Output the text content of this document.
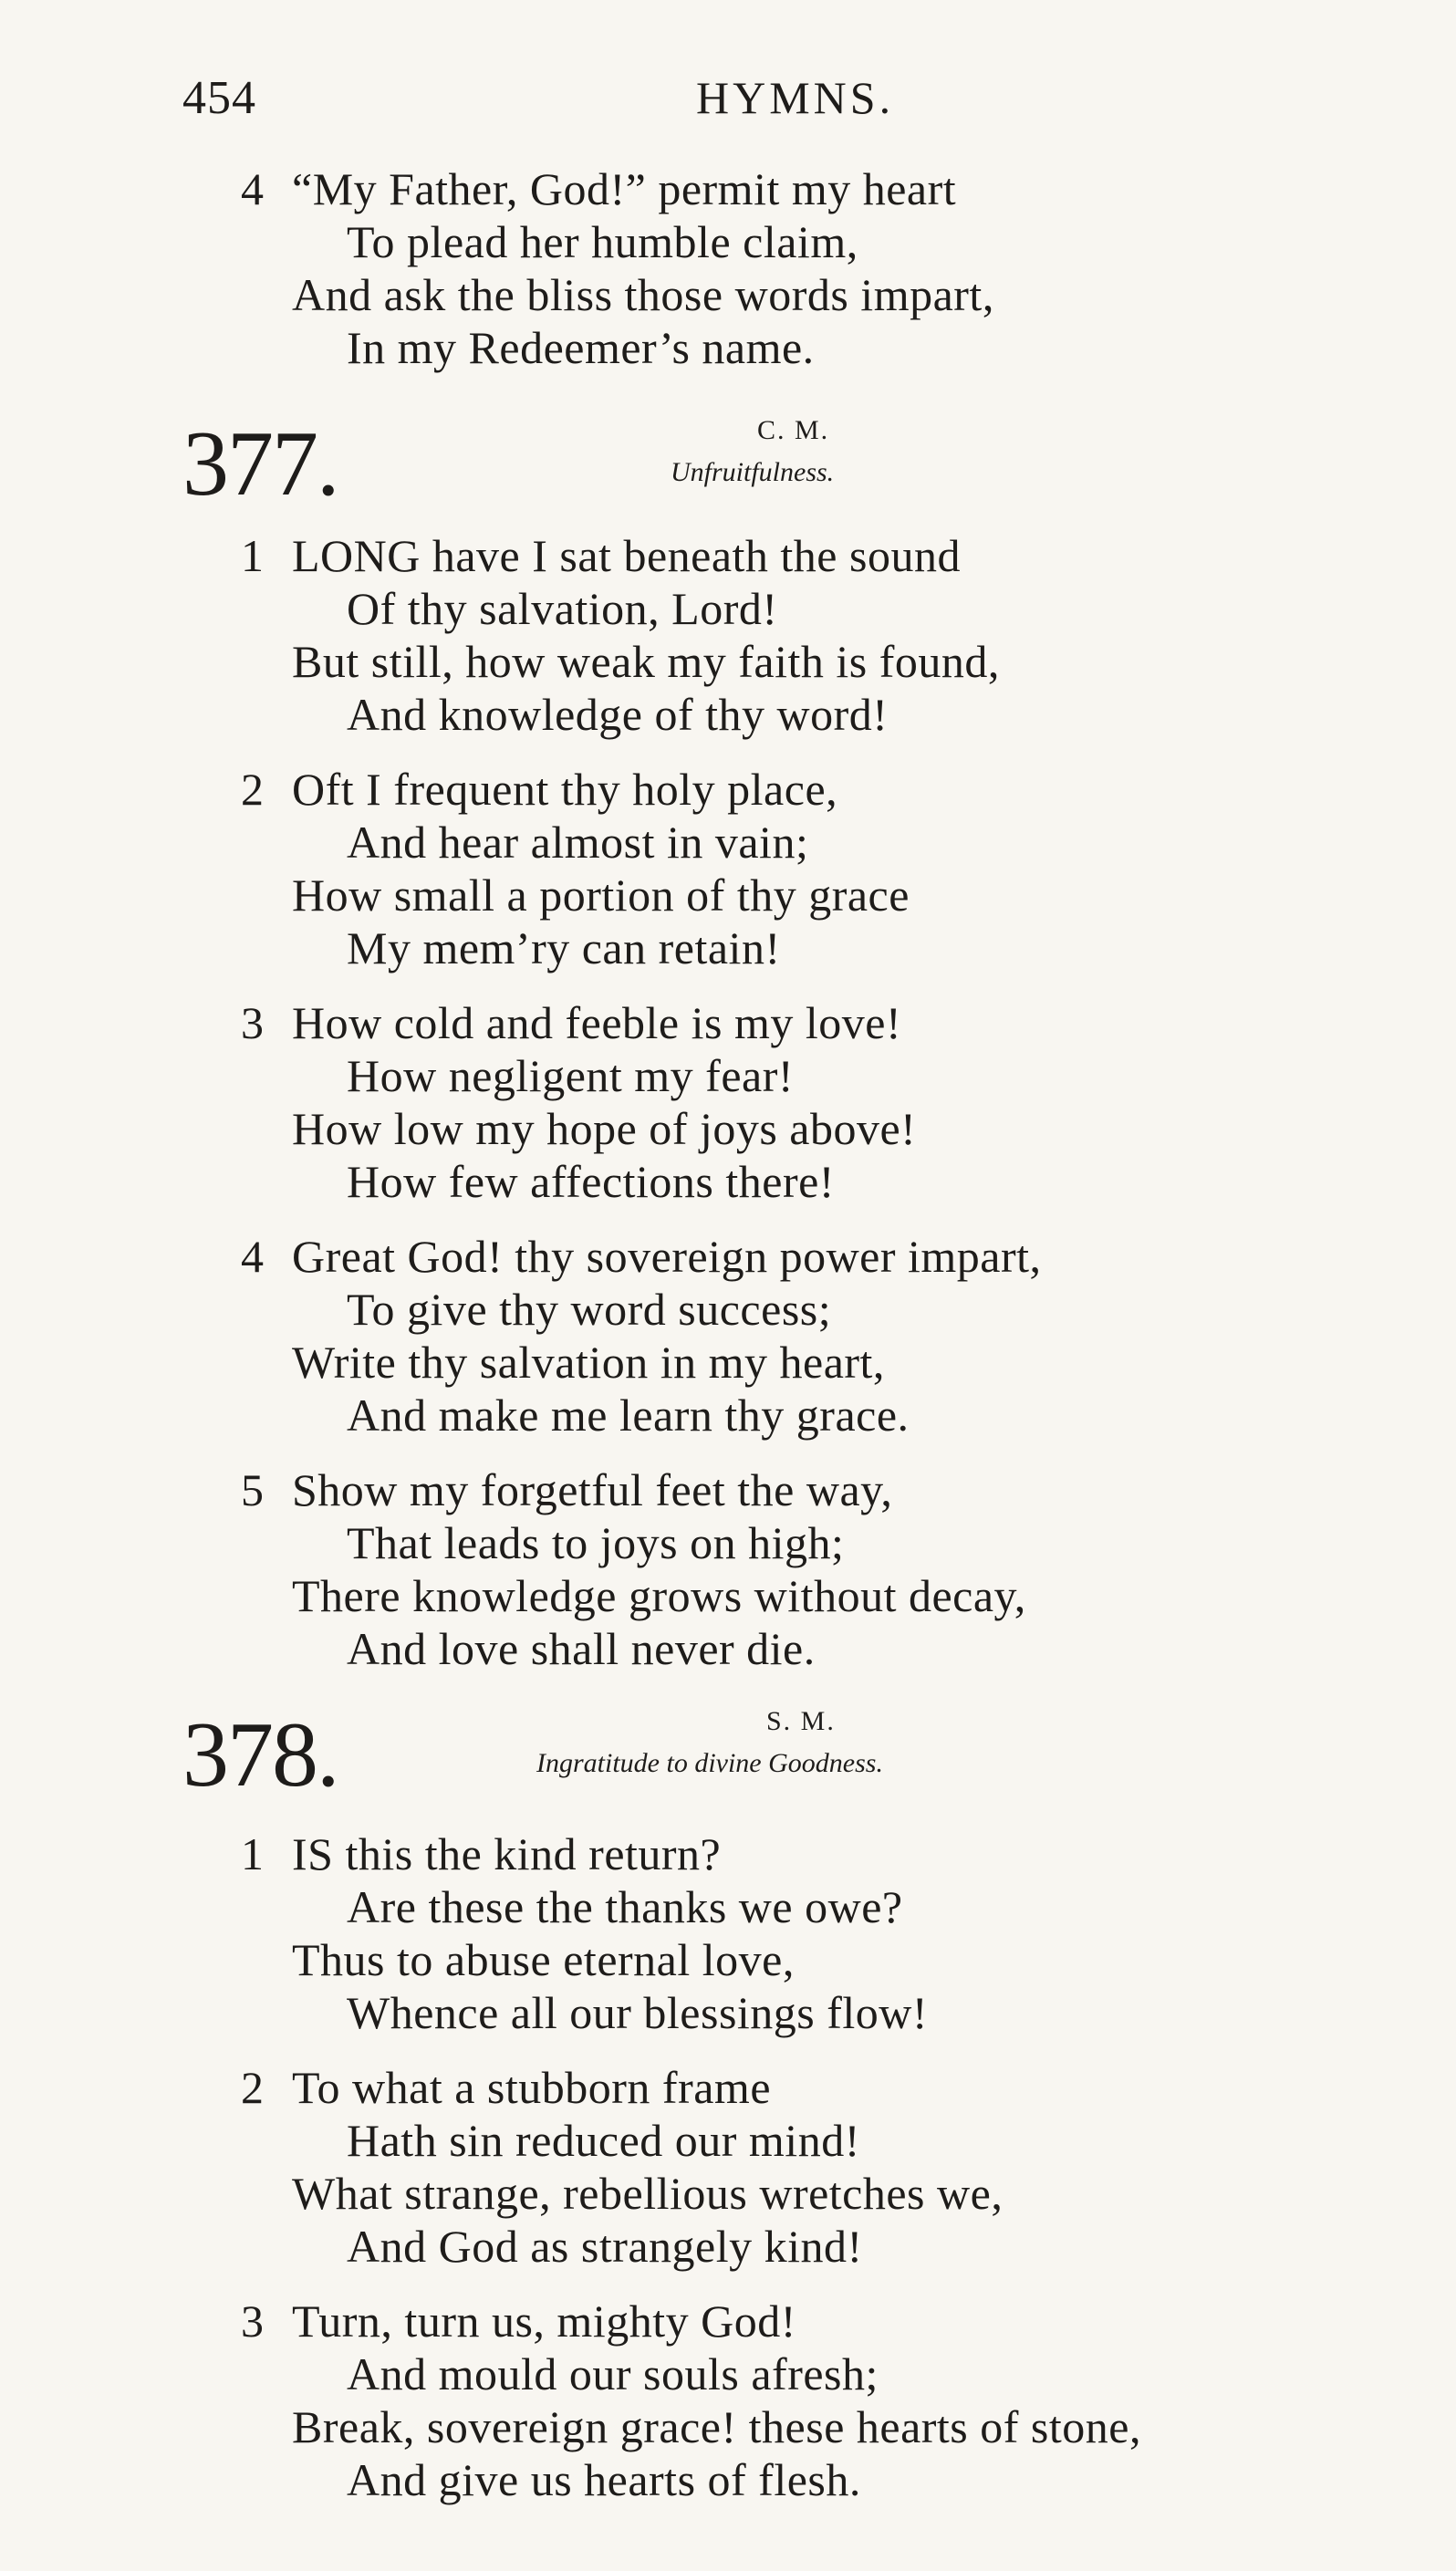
454	HYMNS.
4 “My Father, God!” permit my heart
To plead her humble claim,
And ask the bliss those words impart,
In my Redeemer’s name.
377.	C. M.
Unfruitfulness.
1 LONG have I sat beneath the sound
Of thy salvation, Lord!
But still, how weak my faith is found,
And knowledge of thy word!
2 Oft I frequent thy holy place,
And hear almost in vain;
How small a portion of thy grace
My mem’ry can retain!
3 How cold and feeble is my love!
How negligent my fear!
How low my hope of joys above!
How few affections there!
4 Great God! thy sovereign power impart,
To give thy word success;
Write thy salvation in my heart,
And make me learn thy grace.
5 Show my forgetful feet the way,
That leads to joys on high;
There knowledge grows without decay,
And love shall never die.
378.	S. M.
Ingratitude to divine Goodness.
1 IS this the kind return?
Are these the thanks we owe?
Thus to abuse eternal love,
Whence all our blessings flow!
2 To what a stubborn frame
Hath sin reduced our mind!
What strange, rebellious wretches we,
And God as strangely kind!
3 Turn, turn us, mighty God!
And mould our souls afresh;
Break, sovereign grace! these hearts of stone,
And give us hearts of flesh.
